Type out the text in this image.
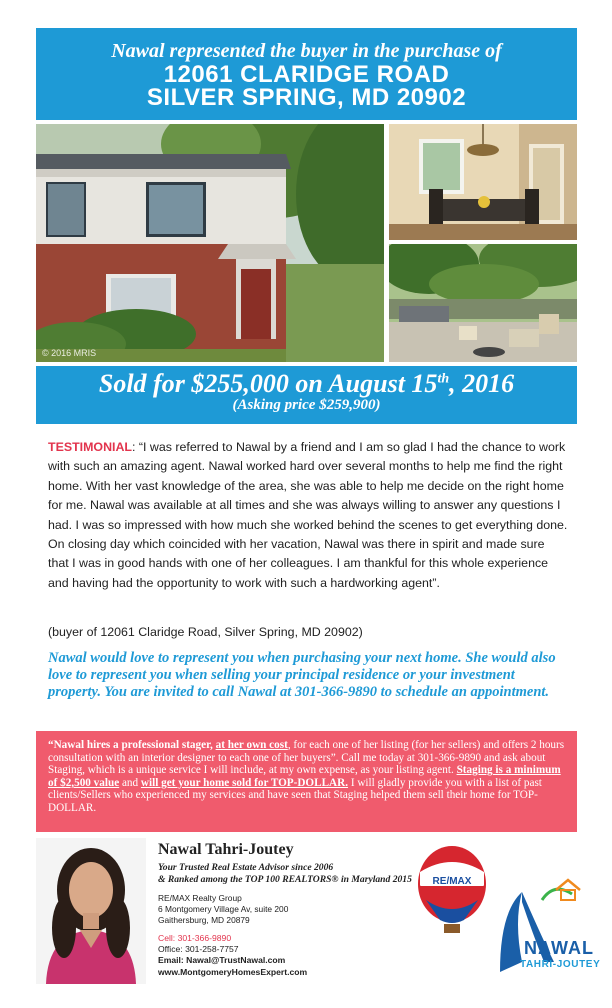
Nawal represented the buyer in the purchase of
12061 CLARIDGE ROAD
SILVER SPRING, MD 20902
© 2016 MRIS
Sold for $255,000 on August 15th, 2016
(Asking price $259,900)
TESTIMONIAL: “I was referred to Nawal by a friend and I am so glad I had the chance to work with such an amazing agent. Nawal worked hard over several months to help me find the right home. With her vast knowledge of the area, she was able to help me decide on the right home for me. Nawal was available at all times and she was always willing to answer any questions I had. I was so impressed with how much she worked behind the scenes to get everything done. On closing day which coincided with her vacation, Nawal was there in spirit and made sure that I was in good hands with one of her colleagues. I am thankful for this whole experience and having had the opportunity to work with such a hardworking agent”.
(buyer of 12061 Claridge Road, Silver Spring, MD 20902)
Nawal would love to represent you when purchasing your next home. She would also love to represent you when selling your principal residence or your investment property. You are invited to call Nawal at 301-366-9890 to schedule an appointment.
“Nawal hires a professional stager, at her own cost, for each one of her listing (for her sellers) and offers 2 hours consultation with an interior designer to each one of her buyers”. Call me today at 301-366-9890 and ask about Staging, which is a unique service I will include, at my own expense, as your listing agent. Staging is a minimum of $2,500 value and will get your home sold for TOP-DOLLAR. I will gladly provide you with a list of past clients/Sellers who experienced my services and have seen that Staging helped them sell their home for TOP-DOLLAR.
Nawal Tahri-Joutey
Your Trusted Real Estate Advisor since 2006
& Ranked among the TOP 100 REALTORS® in Maryland 2015
RE/MAX Realty Group
6 Montgomery Village Av, suite 200
Gaithersburg, MD 20879
Cell: 301-366-9890
Office: 301-258-7757
Email: Nawal@TrustNawal.com
www.MontgomeryHomesExpert.com
RE/MAX
NAWAL
TAHRI-JOUTEY
